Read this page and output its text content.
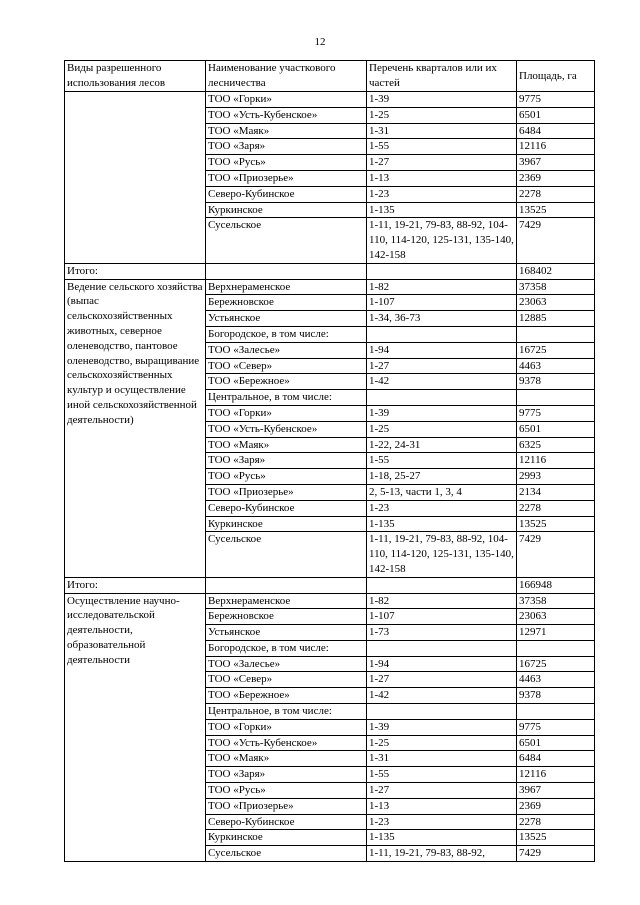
12
Виды разрешенного использования лесов	Наименование участкового лесничества	Перечень кварталов или их частей	Площадь, га
	ТОО «Горки»	1-39	9775
	ТОО «Усть-Кубенское»	1-25	6501
	ТОО «Маяк»	1-31	6484
	ТОО «Заря»	1-55	12116
	ТОО «Русь»	1-27	3967
	ТОО «Приозерье»	1-13	2369
	Северо-Кубинское	1-23	2278
	Куркинское	1-135	13525
	Сусельское	1-11, 19-21, 79-83, 88-92, 104-110, 114-120, 125-131, 135-140, 142-158	7429
Итого:			168402
Ведение сельского хозяйства (выпас сельскохозяйственных животных, северное оленеводство, пантовое оленеводство, выращивание сельскохозяйственных культур и осуществление иной сельскохозяйственной деятельности)	Верхнераменское	1-82	37358
	Бережновское	1-107	23063
	Устьянское	1-34, 36-73	12885
	Богородское, в том числе:		
	ТОО «Залесье»	1-94	16725
	ТОО «Север»	1-27	4463
	ТОО «Бережное»	1-42	9378
	Центральное, в том числе:		
	ТОО «Горки»	1-39	9775
	ТОО «Усть-Кубенское»	1-25	6501
	ТОО «Маяк»	1-22, 24-31	6325
	ТОО «Заря»	1-55	12116
	ТОО «Русь»	1-18, 25-27	2993
	ТОО «Приозерье»	2, 5-13, части 1, 3, 4	2134
	Северо-Кубинское	1-23	2278
	Куркинское	1-135	13525
	Сусельское	1-11, 19-21, 79-83, 88-92, 104-110, 114-120, 125-131, 135-140, 142-158	7429
Итого:			166948
Осуществление научно-исследовательской деятельности, образовательной деятельности	Верхнераменское	1-82	37358
	Бережновское	1-107	23063
	Устьянское	1-73	12971
	Богородское, в том числе:		
	ТОО «Залесье»	1-94	16725
	ТОО «Север»	1-27	4463
	ТОО «Бережное»	1-42	9378
	Центральное, в том числе:		
	ТОО «Горки»	1-39	9775
	ТОО «Усть-Кубенское»	1-25	6501
	ТОО «Маяк»	1-31	6484
	ТОО «Заря»	1-55	12116
	ТОО «Русь»	1-27	3967
	ТОО «Приозерье»	1-13	2369
	Северо-Кубинское	1-23	2278
	Куркинское	1-135	13525
	Сусельское	1-11, 19-21, 79-83, 88-92,	7429
